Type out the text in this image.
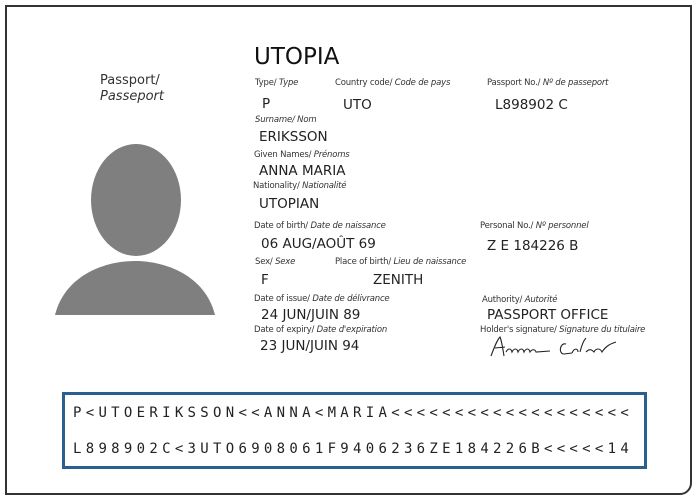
Passport/
Passeport
UTOPIA
Type/ Type	Country code/ Code de pays	Passport No./ Nº de passeport
P	UTO	L898902 C
Surname/ Nom
ERIKSSON
Given Names/ Prénoms
ANNA MARIA
Nationality/ Nationalité
UTOPIAN
Date of birth/ Date de naissance	Personal No./ Nº personnel
06 AUG/AOÛT 69	Z E 184226 B
Sex/ Sexe	Place of birth/ Lieu de naissance
F	ZENITH
Date of issue/ Date de délivrance	Authority/ Autorité
24 JUN/JUIN 89	PASSPORT OFFICE
Date of expiry/ Date d'expiration	Holder's signature/ Signature du titulaire
23 JUN/JUIN 94
P<UTOERIKSSON<<ANNA<MARIA<<<<<<<<<<<<<<<<<<<
L898902C<3UTO6908061F9406236ZE184226B<<<<<14
